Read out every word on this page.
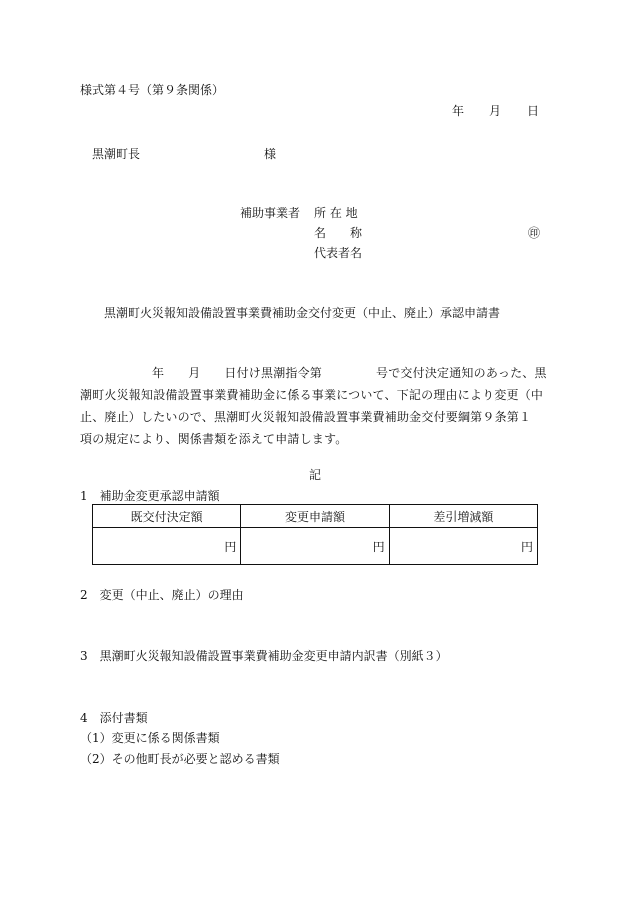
様式第４号（第９条関係）
年 月 日
黒潮町長	様
補助事業者 所 在 地
名　　称	㊞
代表者名
黒潮町火災報知設備設置事業費補助金交付変更（中止、廃止）承認申請書
年 月 日付け黒潮指令第	号で交付決定通知のあった、黒
潮町火災報知設備設置事業費補助金に係る事業について、下記の理由により変更（中
止、廃止）したいので、黒潮町火災報知設備設置事業費補助金交付要綱第９条第１
項の規定により、関係書類を添えて申請します。
記
1　補助金変更承認申請額
既交付決定額	変更申請額	差引増減額
円	円	円
2　変更（中止、廃止）の理由
3　黒潮町火災報知設備設置事業費補助金変更申請内訳書（別紙３）
4　添付書類
（1）変更に係る関係書類
（2）その他町長が必要と認める書類
